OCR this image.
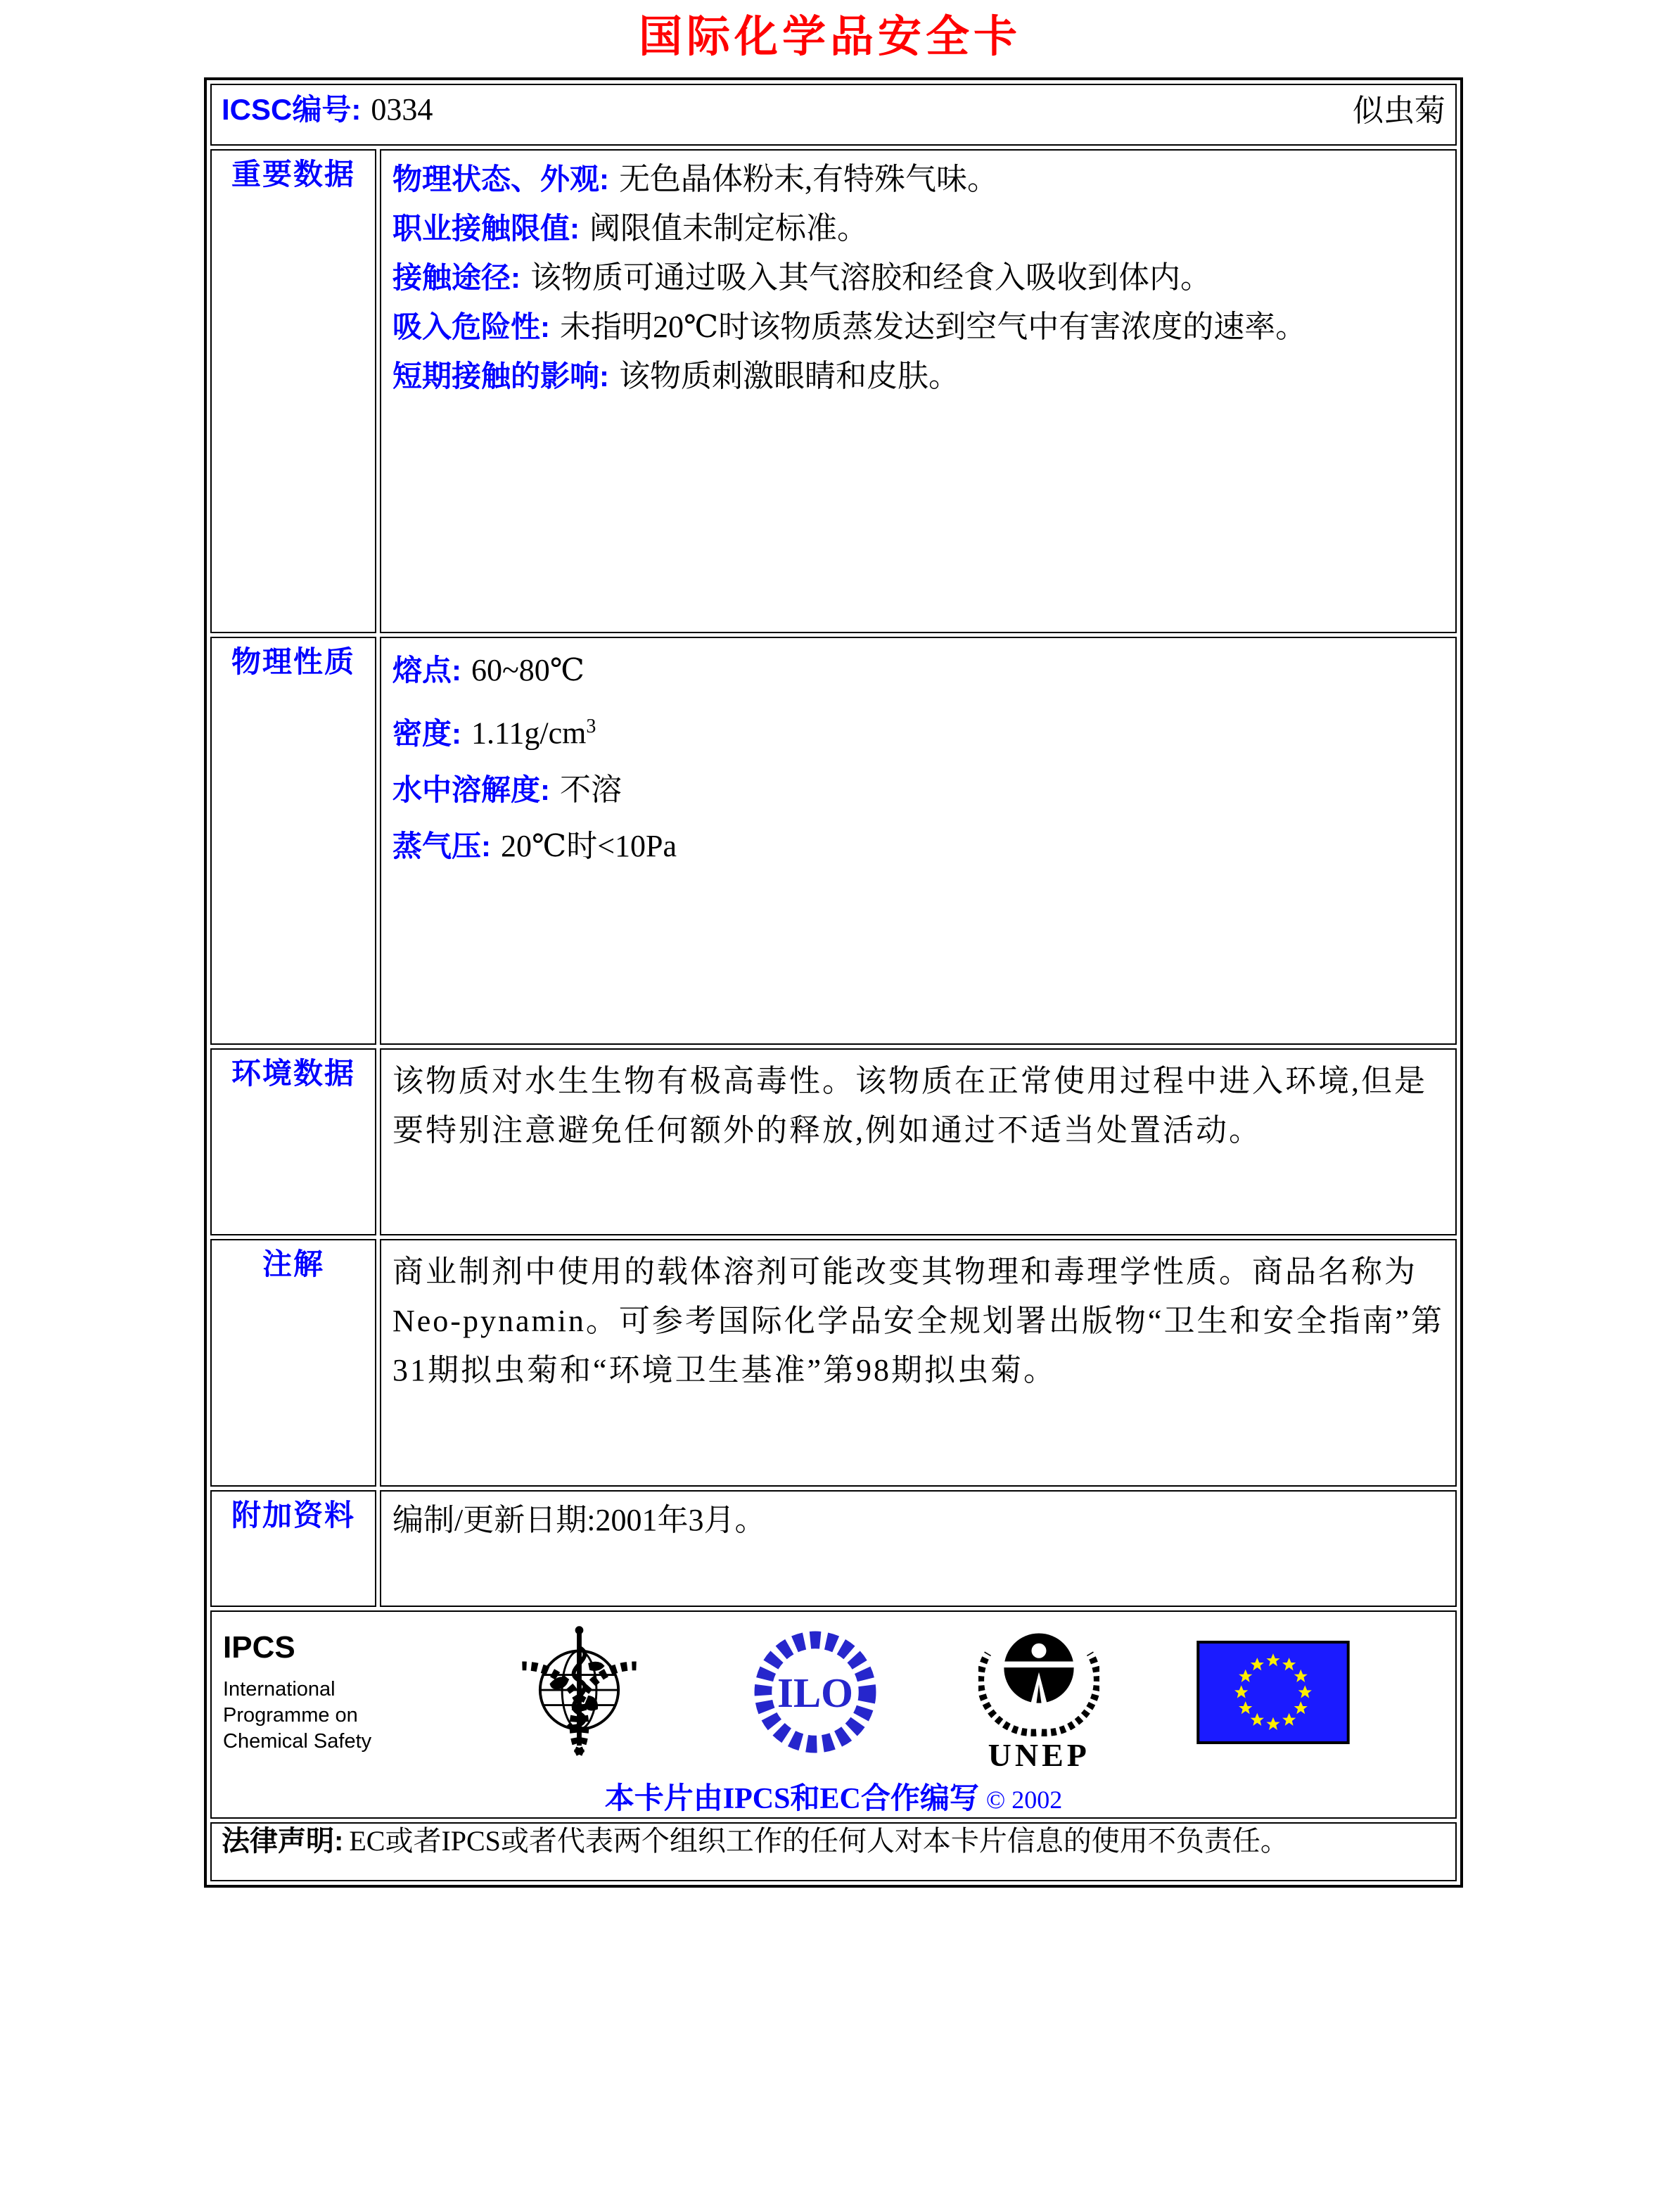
国际化学品安全卡
ICSC编号: 0334 似虫菊	

重要数据	物理状态、外观: 无色晶体粉末,有特殊气味。
职业接触限值: 阈限值未制定标准。
接触途径: 该物质可通过吸入其气溶胶和经食入吸收到体内。
吸入危险性: 未指明20℃时该物质蒸发达到空气中有害浓度的速率。
短期接触的影响: 该物质刺激眼睛和皮肤。

物理性质	熔点: 60~80℃
密度: $1.11g/cm^3$
水中溶解度: 不溶
蒸气压: 20℃时<10Pa

环境数据	该物质对水生生物有极高毒性。该物质在正常使用过程中进入环境,但是要特别注意避免任何额外的释放,例如通过不适当处置活动。

注解	商业制剂中使用的载体溶剂可能改变其物理和毒理学性质。商品名称为Neo-pynamin。可参考国际化学品安全规划署出版物“卫生和安全指南”第31期拟虫菊和“环境卫生基准”第98期拟虫菊。

附加资料	编制/更新日期:2001年3月。

IPCS
International
Programme on
Chemical Safety
ILO
UNEP
本卡片由IPCS和EC合作编写 © 2002

法律声明: EC或者IPCS或者代表两个组织工作的任何人对本卡片信息的使用不负责任。	
